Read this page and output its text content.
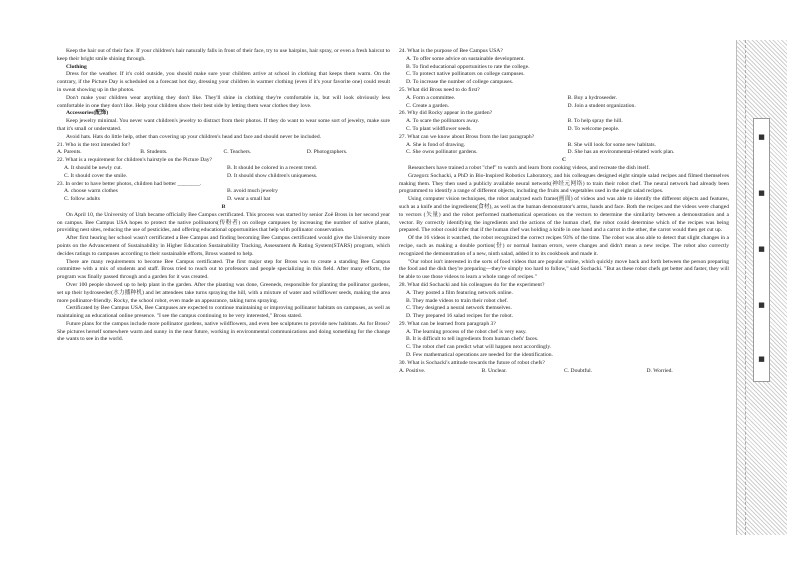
Keep the hair out of their face. If your children's hair naturally falls in front of their face, try to use hairpins, hair spray, or even a fresh haircut to keep their bright smile shining through.

Clothing

Dress for the weather. If it's cold outside, you should make sure your children arrive at school in clothing that keeps them warm. On the contrary, if the Picture Day is scheduled on a forecast hot day, dressing your children in warmer clothing (even if it's your favorite one) could result in sweat showing up in the photos.

Don't make your children wear anything they don't like. They'll shine in clothing they're comfortable in, but will look obviously less comfortable in one they don't like. Help your children show their best side by letting them wear clothes they love.

Accessories(配饰)

Keep jewelry minimal. You never want children's jewelry to distract from their photos. If they do want to wear some sort of jewelry, make sure that it's small or understated.

Avoid hats. Hats do little help, other than covering up your children's head and face and should never be included.

21. Who is the text intended for?

A. Parents.	B. Students.	C. Teachers.	D. Photographers.

22. What is a requirement for children's hairstyle on the Picture Day?

A. It should be newly cut.	B. It should be colored in a recent trend.
C. It should cover the smile.	D. It should show children's uniqueness.

23. In order to have better photos, children had better ________.

A. choose warm clothes	B. avoid much jewelry
C. follow adults	D. wear a small hat

B

On April 10, the University of Utah became officially Bee Campus certificated. This process was started by senior Zoë Bross in her second year on campus. Bee Campus USA hopes to protect the native pollinators(传粉者) on college campuses by increasing the number of native plants, providing nest sites, reducing the use of pesticides, and offering educational opportunities that help with pollinator conservation.

After first hearing her school wasn't certificated a Bee Campus and finding becoming Bee Campus certificated would give the University more points on the Advancement of Sustainability in Higher Education Sustainability Tracking, Assessment & Rating System(STARS) program, which decides ratings to campuses according to their sustainable efforts, Bross wanted to help.

There are many requirements to become Bee Campus certificated. The first major step for Bross was to create a standing Bee Campus committee with a mix of students and staff. Bross tried to reach out to professors and people specializing in this field. After many efforts, the program was finally passed through and a garden for it was created.

Over 100 people showed up to help plant in the garden. After the planting was done, Greeneds, responsible for planting the pollinator gardens, set up their hydroseeder(水力播种机) and let attendees take turns spraying the hill, with a mixture of water and wildflower seeds, making the area more pollinator-friendly. Rocky, the school robot, even made an appearance, taking turns spraying.

Certificated by Bee Campus USA, Bee Campuses are expected to continue maintaining or improving pollinator habitats on campuses, as well as maintaining an educational online presence. "I see the campus continuing to be very interested," Bross stated.

Future plans for the campus include more pollinator gardens, native wildflowers, and even bee sculptures to provide new habitats. As for Bross? She pictures herself somewhere warm and sunny in the near future, working in environmental communications and doing something for the change she wants to see in the world.

24. What is the purpose of Bee Campus USA?

A. To offer some advice on sustainable development.

B. To find educational opportunities to rate the college.

C. To protect native pollinators on college campuses.

D. To increase the number of college campuses.

25. What did Bross need to do first?

A. Form a committee.	B. Buy a hydroseeder.
C. Create a garden.	D. Join a student organization.

26. Why did Rocky appear in the garden?

A. To scare the pollinators away.	B. To help spray the hill.
C. To plant wildflower seeds.	D. To welcome people.

27. What can we know about Bross from the last paragraph?

A. She is fond of drawing.	B. She will look for some new habitats.
C. She owns pollinator gardens.	D. She has an environmental-related work plan.

C

Researchers have trained a robot "chef" to watch and learn from cooking videos, and recreate the dish itself.

Grzegorz Sochacki, a PhD in Bio-Inspired Robotics Laboratory, and his colleagues designed eight simple salad recipes and filmed themselves making them. They then used a publicly available neural network(神经元网络) to train their robot chef. The neural network had already been programmed to identify a range of different objects, including the fruits and vegetables used in the eight salad recipes.

Using computer vision techniques, the robot analyzed each frame(画面) of videos and was able to identify the different objects and features, such as a knife and the ingredients(食材), as well as the human demonstrator's arms, hands and face. Both the recipes and the videos were changed to vectors (矢量) and the robot performed mathematical operations on the vectors to determine the similarity between a demonstration and a vector. By correctly identifying the ingredients and the actions of the human chef, the robot could determine which of the recipes was being prepared. The robot could infer that if the human chef was holding a knife in one hand and a carrot in the other, the carrot would then get cut up.

Of the 16 videos it watched, the robot recognized the correct recipes 93% of the time. The robot was also able to detect that slight changes in a recipe, such as making a double portion(份) or normal human errors, were changes and didn't mean a new recipe. The robot also correctly recognized the demonstration of a new, ninth salad, added it to its cookbook and made it.

"Our robot isn't interested in the sorts of food videos that are popular online, which quickly move back and forth between the person preparing the food and the dish they're preparing—they're simply too hard to follow," said Sochacki. "But as these robot chefs get better and faster, they will be able to use those videos to learn a whole range of recipes."

28. What did Sochacki and his colleagues do for the experiment?

A. They posted a film featuring network online.

B. They made videos to train their robot chef.

C. They designed a neural network themselves.

D. They prepared 16 salad recipes for the robot.

29. What can be learned from paragraph 3?

A. The learning process of the robot chef is very easy.

B. It is difficult to tell ingredients from human chefs' faces.

C. The robot chef can predict what will happen next accordingly.

D. Few mathematical operations are needed for the identification.

30. What is Sochacki's attitude towards the future of robot chefs?

A. Positive.	B. Unclear.	C. Doubtful.	D. Worried.
■
■
■
■
■
